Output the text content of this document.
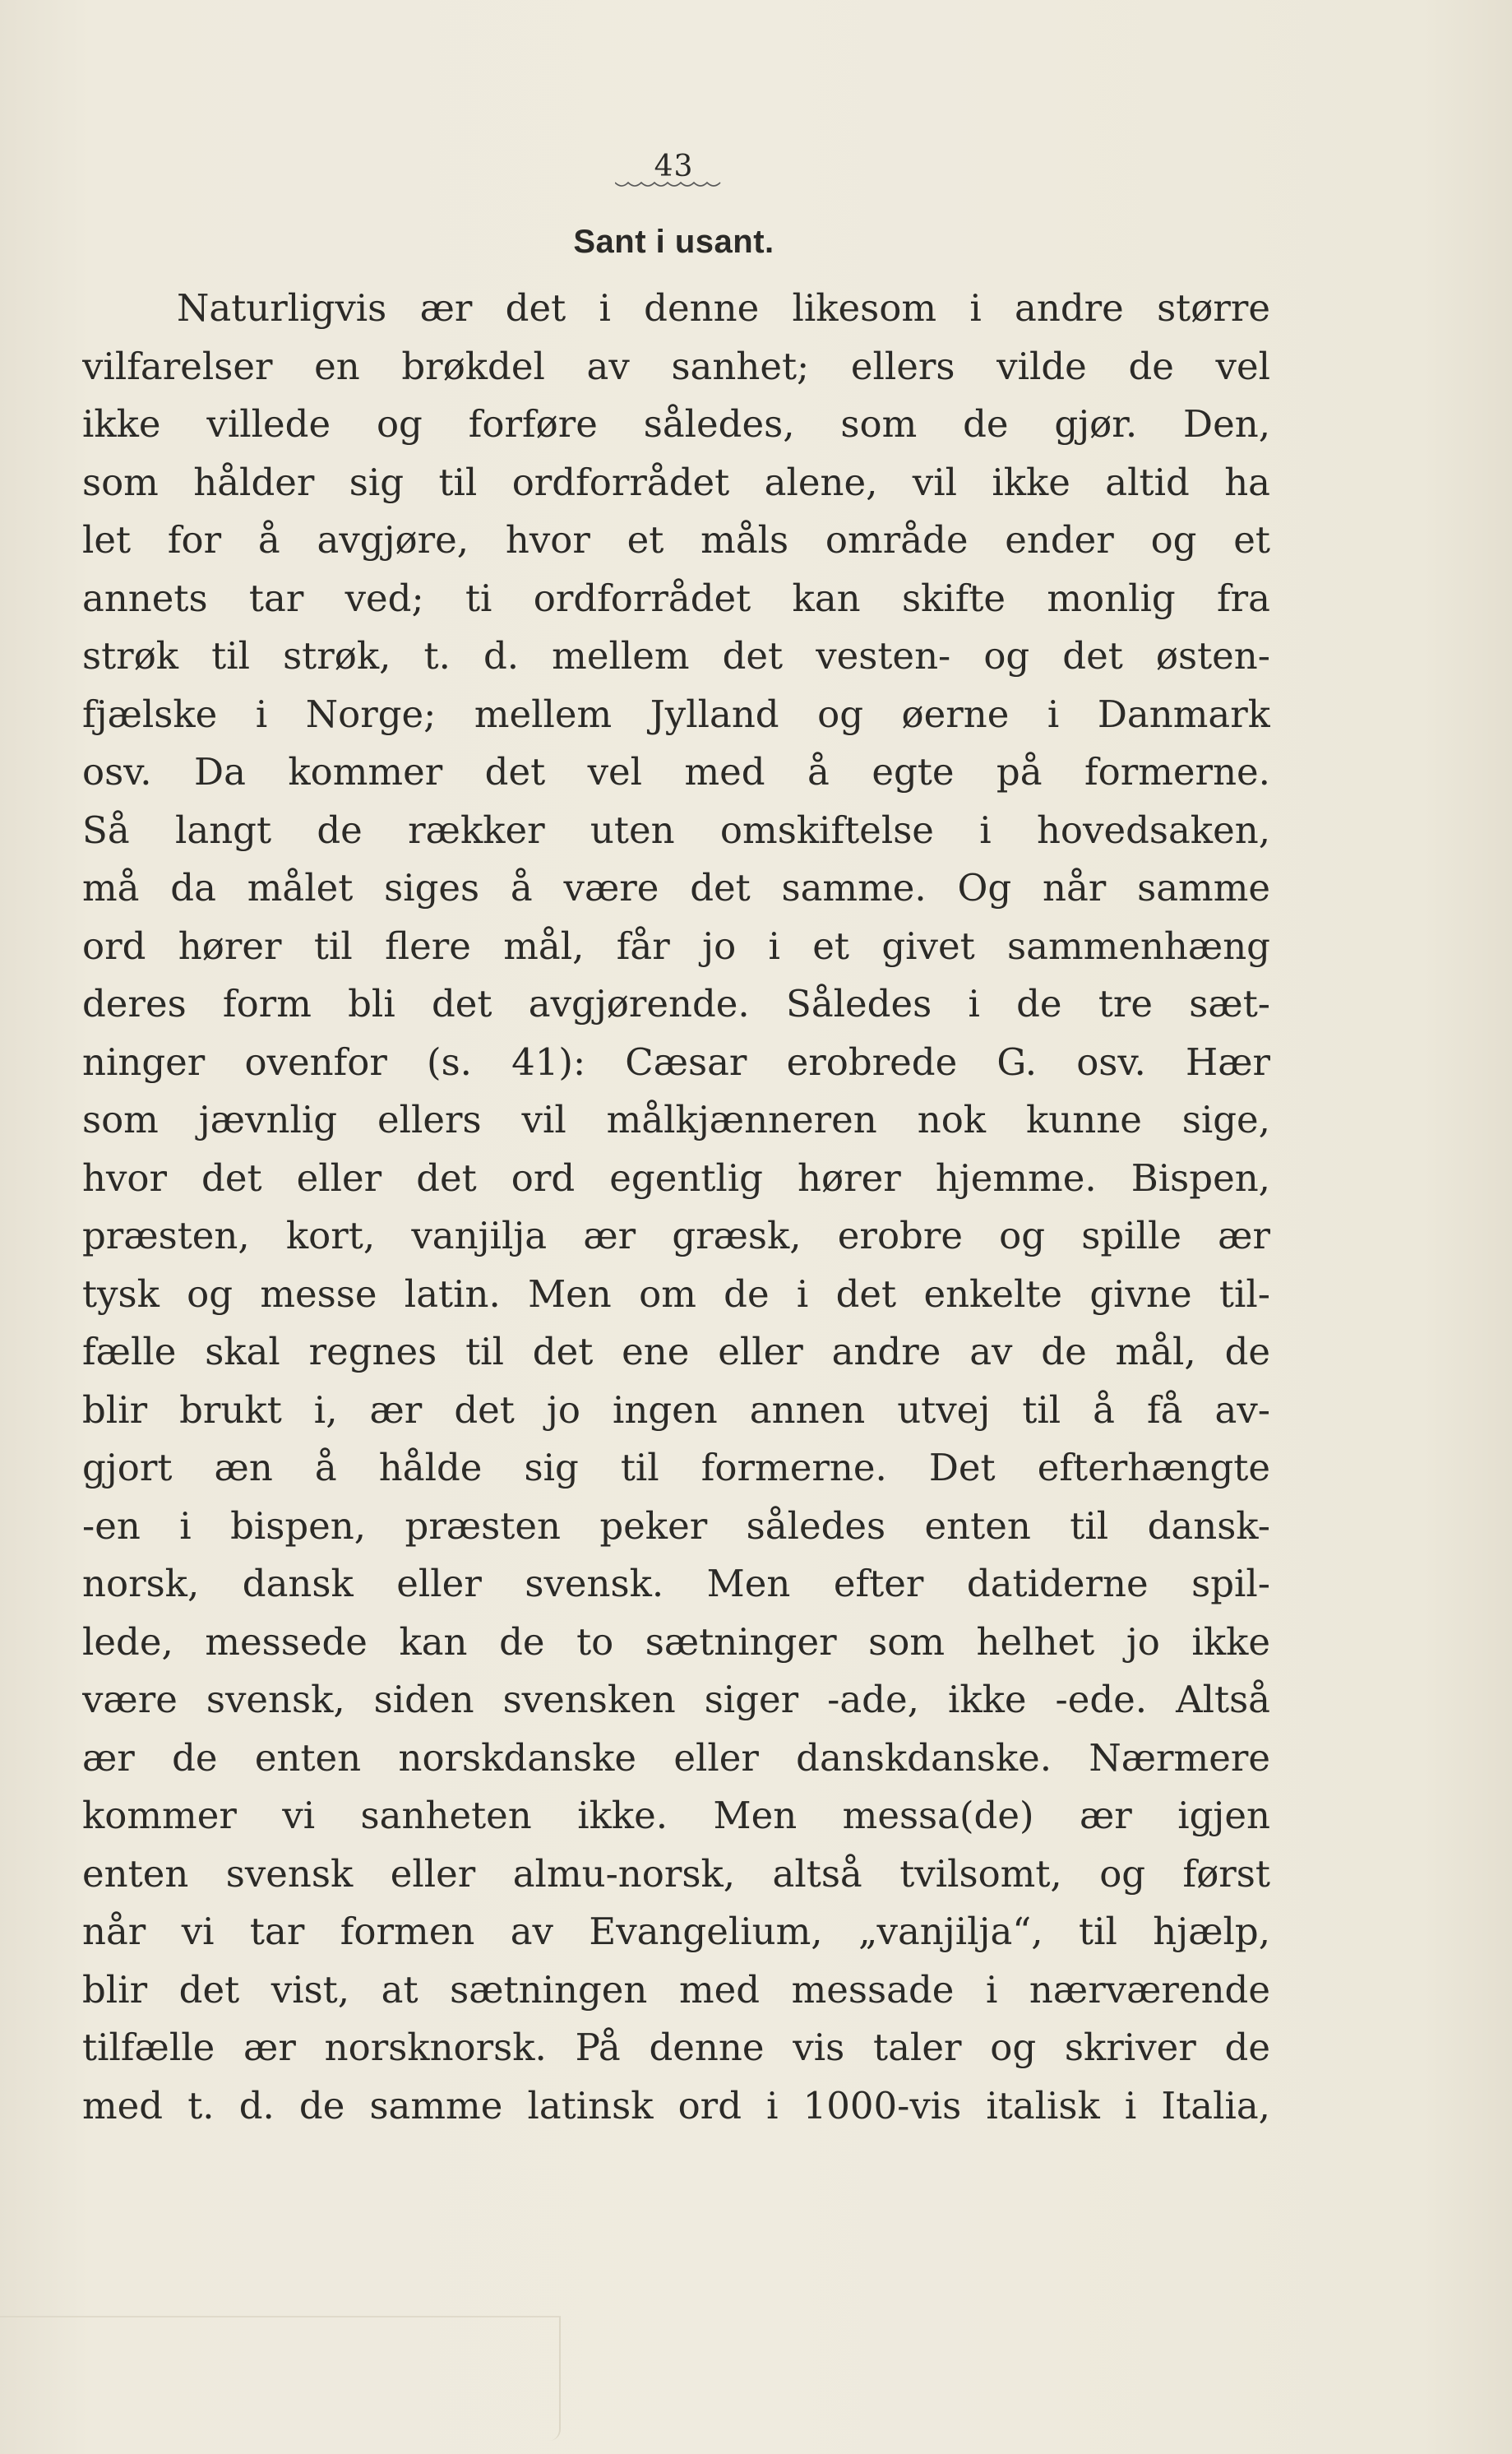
43
Sant i usant.
Naturligvis ær det i denne likesom i andre større
vilfarelser en brøkdel av sanhet; ellers vilde de vel
ikke villede og forføre således, som de gjør. Den,
som hålder sig til ordforrådet alene, vil ikke altid ha
let for å avgjøre, hvor et måls område ender og et
annets tar ved; ti ordforrådet kan skifte monlig fra
strøk til strøk, t. d. mellem det vesten- og det østen-
fjælske i Norge; mellem Jylland og øerne i Danmark
osv. Da kommer det vel med å egte på formerne.
Så langt de rækker uten omskiftelse i hovedsaken,
må da målet siges å være det samme. Og når samme
ord hører til flere mål, får jo i et givet sammenhæng
deres form bli det avgjørende. Således i de tre sæt-
ninger ovenfor (s. 41): Cæsar erobrede G. osv. Hær
som jævnlig ellers vil målkjænneren nok kunne sige,
hvor det eller det ord egentlig hører hjemme. Bispen,
præsten, kort, vanjilja ær græsk, erobre og spille ær
tysk og messe latin. Men om de i det enkelte givne til-
fælle skal regnes til det ene eller andre av de mål, de
blir brukt i, ær det jo ingen annen utvej til å få av-
gjort æn å hålde sig til formerne. Det efterhængte
-en i bispen, præsten peker således enten til dansk-
norsk, dansk eller svensk. Men efter datiderne spil-
lede, messede kan de to sætninger som helhet jo ikke
være svensk, siden svensken siger -ade, ikke -ede. Altså
ær de enten norskdanske eller danskdanske. Nærmere
kommer vi sanheten ikke. Men messa(de) ær igjen
enten svensk eller almu-norsk, altså tvilsomt, og først
når vi tar formen av Evangelium, „vanjilja“, til hjælp,
blir det vist, at sætningen med messade i nærværende
tilfælle ær norsknorsk. På denne vis taler og skriver de
med t. d. de samme latinsk ord i 1000-vis italisk i Italia,
